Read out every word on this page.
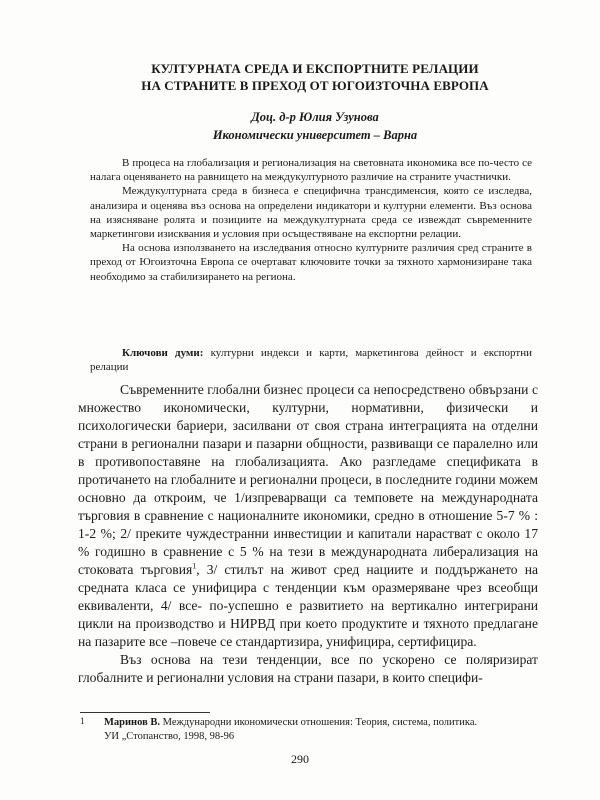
КУЛТУРНАТА СРЕДА И ЕКСПОРТНИТЕ РЕЛАЦИИ
НА СТРАНИТЕ В ПРЕХОД ОТ ЮГОИЗТОЧНА ЕВРОПА
Доц. д-р Юлия Узунова
Икономически университет – Варна

В процеса на глобализация и регионализация на световната икономика все по-често се налага оценяването на равнището на междукултурното различие на страните участнички.

Междукултурната среда в бизнеса е специфична трансдименсия, която се изследва, анализира и оценява въз основа на определени индикатори и културни елементи. Въз основа на изясняване ролята и позициите на междукултурната среда се извеждат съвременните маркетингови изисквания и условия при осъществяване на експортни релации.

На основа използването на изследвания относно културните различия сред страните в преход от Югоизточна Европа се очертават ключовите точки за тяхното хармонизиране така необходимо за стабилизирането на региона.

Ключови думи: културни индекси и карти, маркетингова дейност и експортни релации

Съвременните глобални бизнес процеси са непосредствено обвързани с множество икономически, културни, нормативни, физически и психологически бариери, засилвани от своя страна интеграцията на отделни страни в регионални пазари и пазарни общности, развиващи се паралелно или в противопоставяне на глобализацията. Ако разгледаме спецификата в протичането на глобалните и регионални процеси, в последните години можем основно да откроим, че 1/изпреварващи са темповете на международната търговия в сравнение с националните икономики, средно в отношение 5-7 % : 1-2 %; 2/ преките чуждестранни инвестиции и капитали нарастват с около 17 % годишно в сравнение с 5 % на тези в международната либерализация на стоковата търговия$^1$, 3/ стилът на живот сред нациите и поддържането на средната класа се унифицира с тенденции към оразмеряване чрез всеобщи еквиваленти, 4/ все- по-успешно е развитието на вертикално интегрирани цикли на производство и НИРВД при което продуктите и тяхното предлагане на пазарите все –повече се стандартизира, унифицира, сертифицира.

Въз основа на тези тенденции, все по ускорено се поляризират глобалните и регионални условия на страни пазари, в които специфи-

1	Маринов В. Международни икономически отношения: Теория, система, политика.
УИ „Стопанство, 1998, 98-96
290
